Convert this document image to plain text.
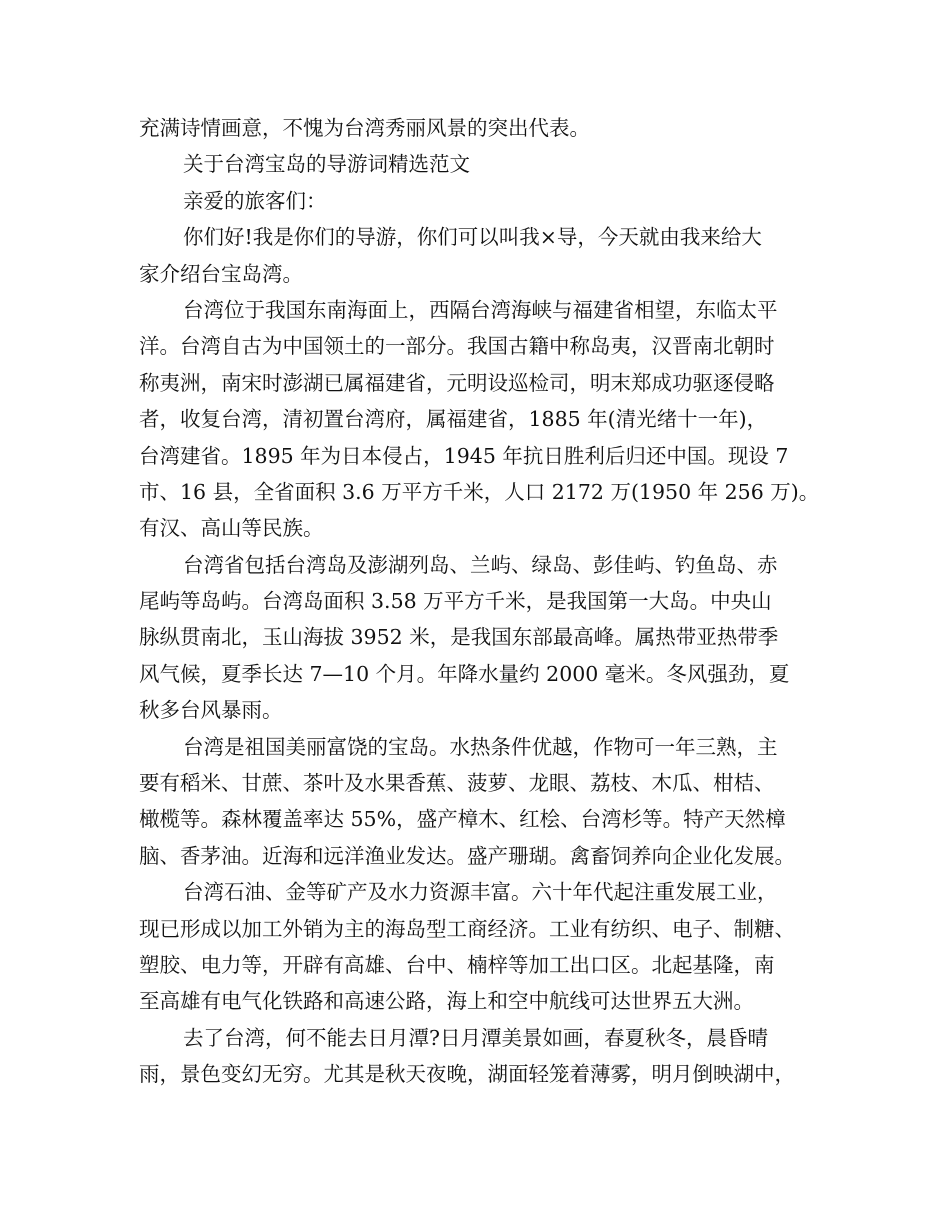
充满诗情画意，不愧为台湾秀丽风景的突出代表。
关于台湾宝岛的导游词精选范文
亲爱的旅客们：
你们好!我是你们的导游，你们可以叫我×导，今天就由我来给大
家介绍台宝岛湾。
台湾位于我国东南海面上，西隔台湾海峡与福建省相望，东临太平
洋。台湾自古为中国领土的一部分。我国古籍中称岛夷，汉晋南北朝时
称夷洲，南宋时澎湖已属福建省，元明设巡检司，明末郑成功驱逐侵略
者，收复台湾，清初置台湾府，属福建省，1885 年(清光绪十一年)，
台湾建省。1895 年为日本侵占，1945 年抗日胜利后归还中国。现设 7
市、16 县，全省面积 3.6 万平方千米，人口 2172 万(1950 年 256 万)。
有汉、高山等民族。
台湾省包括台湾岛及澎湖列岛、兰屿、绿岛、彭佳屿、钓鱼岛、赤
尾屿等岛屿。台湾岛面积 3.58 万平方千米，是我国第一大岛。中央山
脉纵贯南北，玉山海拔 3952 米，是我国东部最高峰。属热带亚热带季
风气候，夏季长达 7—10 个月。年降水量约 2000 毫米。冬风强劲，夏
秋多台风暴雨。
台湾是祖国美丽富饶的宝岛。水热条件优越，作物可一年三熟，主
要有稻米、甘蔗、茶叶及水果香蕉、菠萝、龙眼、荔枝、木瓜、柑桔、
橄榄等。森林覆盖率达 55%，盛产樟木、红桧、台湾杉等。特产天然樟
脑、香茅油。近海和远洋渔业发达。盛产珊瑚。禽畜饲养向企业化发展。
台湾石油、金等矿产及水力资源丰富。六十年代起注重发展工业，
现已形成以加工外销为主的海岛型工商经济。工业有纺织、电子、制糖、
塑胶、电力等，开辟有高雄、台中、楠梓等加工出口区。北起基隆，南
至高雄有电气化铁路和高速公路，海上和空中航线可达世界五大洲。
去了台湾，何不能去日月潭?日月潭美景如画，春夏秋冬，晨昏晴
雨，景色变幻无穷。尤其是秋天夜晚，湖面轻笼着薄雾，明月倒映湖中，
